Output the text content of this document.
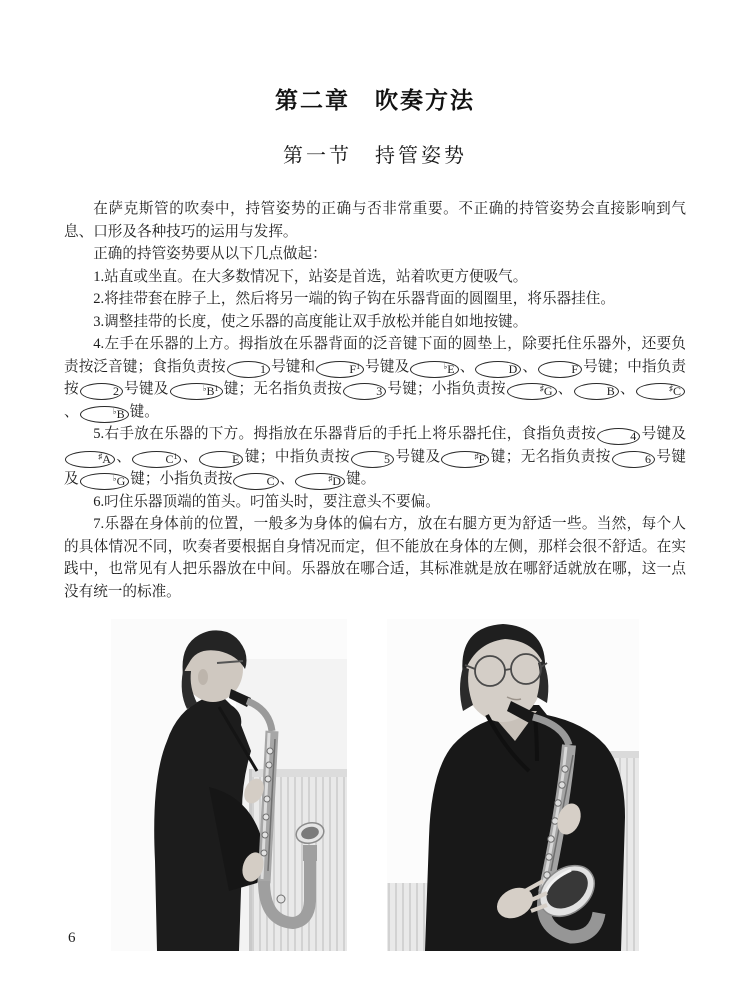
第二章　吹奏方法
第一节　持管姿势

在萨克斯管的吹奏中，持管姿势的正确与否非常重要。不正确的持管姿势会直接影响到气息、口形及各种技巧的运用与发挥。

正确的持管姿势要从以下几点做起：

1.站直或坐直。在大多数情况下，站姿是首选，站着吹更方便吸气。

2.将挂带套在脖子上，然后将另一端的钩子钩在乐器背面的圆圈里，将乐器挂住。

3.调整挂带的长度，使之乐器的高度能让双手放松并能自如地按键。

4.左手在乐器的上方。拇指放在乐器背面的泛音键下面的圆垫上，除要托住乐器外，还要负责按泛音键；食指负责按	1 号键和	$F^1$ 号键及	♭E 、	D 、	F 号键；中指负责按	2 号键及	$^♭B^1$ 键；无名指负责按	3 号键；小指负责按	♯G 、	B 、	♯C、	♭B 键。

5.右手放在乐器的下方。拇指放在乐器背后的手托上将乐器托住，食指负责按	4 号键及♯A 、	$C^1$ 、	E 键；中指负责按	5 号键及	♯F 键；无名指负责按	6 号键及	♭G 键；小指负责按	C 、	♯D 键。

6.叼住乐器顶端的笛头。叼笛头时，要注意头不要偏。

7.乐器在身体前的位置，一般多为身体的偏右方，放在右腿方更为舒适一些。当然，每个人的具体情况不同，吹奏者要根据自身情况而定，但不能放在身体的左侧，那样会很不舒适。在实践中，也常见有人把乐器放在中间。乐器放在哪合适，其标准就是放在哪舒适就放在哪，这一点没有统一的标准。

6
